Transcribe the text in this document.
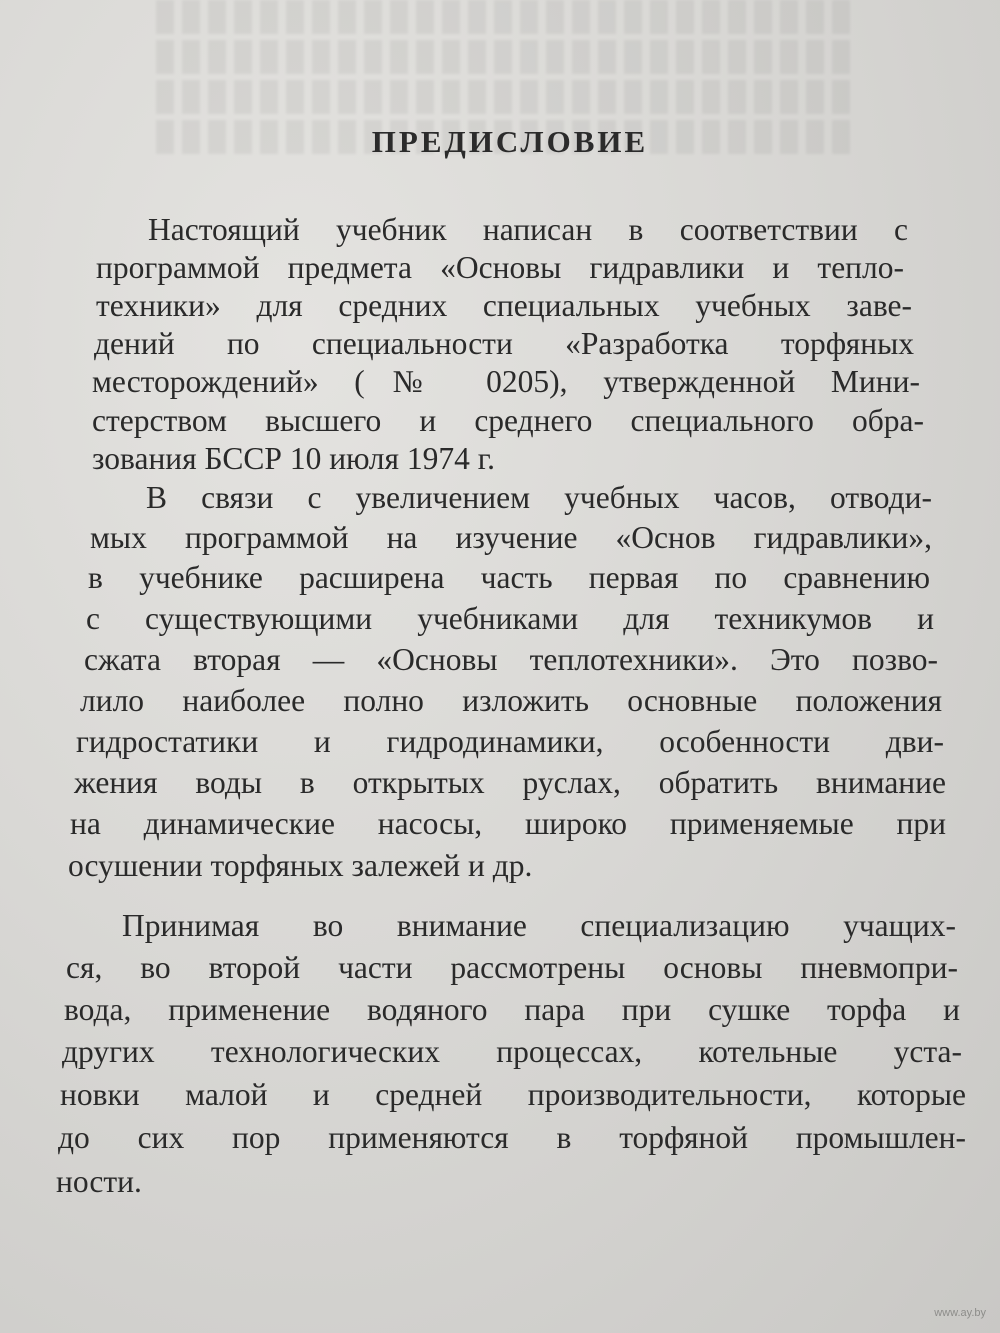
ПРЕДИСЛОВИЕ
Настоящий учебник написан в соответствии с
программой предмета «Основы гидравлики и тепло-
техники» для средних специальных учебных заве-
дений по специальности «Разработка торфяных
месторождений» (№ 0205), утвержденной Мини-
стерством высшего и среднего специального обра-
зования БССР 10 июля 1974 г.
В связи с увеличением учебных часов, отводи-
мых программой на изучение «Основ гидравлики»,
в учебнике расширена часть первая по сравнению
с существующими учебниками для техникумов и
сжата вторая — «Основы теплотехники». Это позво-
лило наиболее полно изложить основные положения
гидростатики и гидродинамики, особенности дви-
жения воды в открытых руслах, обратить внимание
на динамические насосы, широко применяемые при
осушении торфяных залежей и др.
Принимая во внимание специализацию учащих-
ся, во второй части рассмотрены основы пневмопри-
вода, применение водяного пара при сушке торфа и
других технологических процессах, котельные уста-
новки малой и средней производительности, которые
до сих пор применяются в торфяной промышлен-
ности.
www.ay.by
